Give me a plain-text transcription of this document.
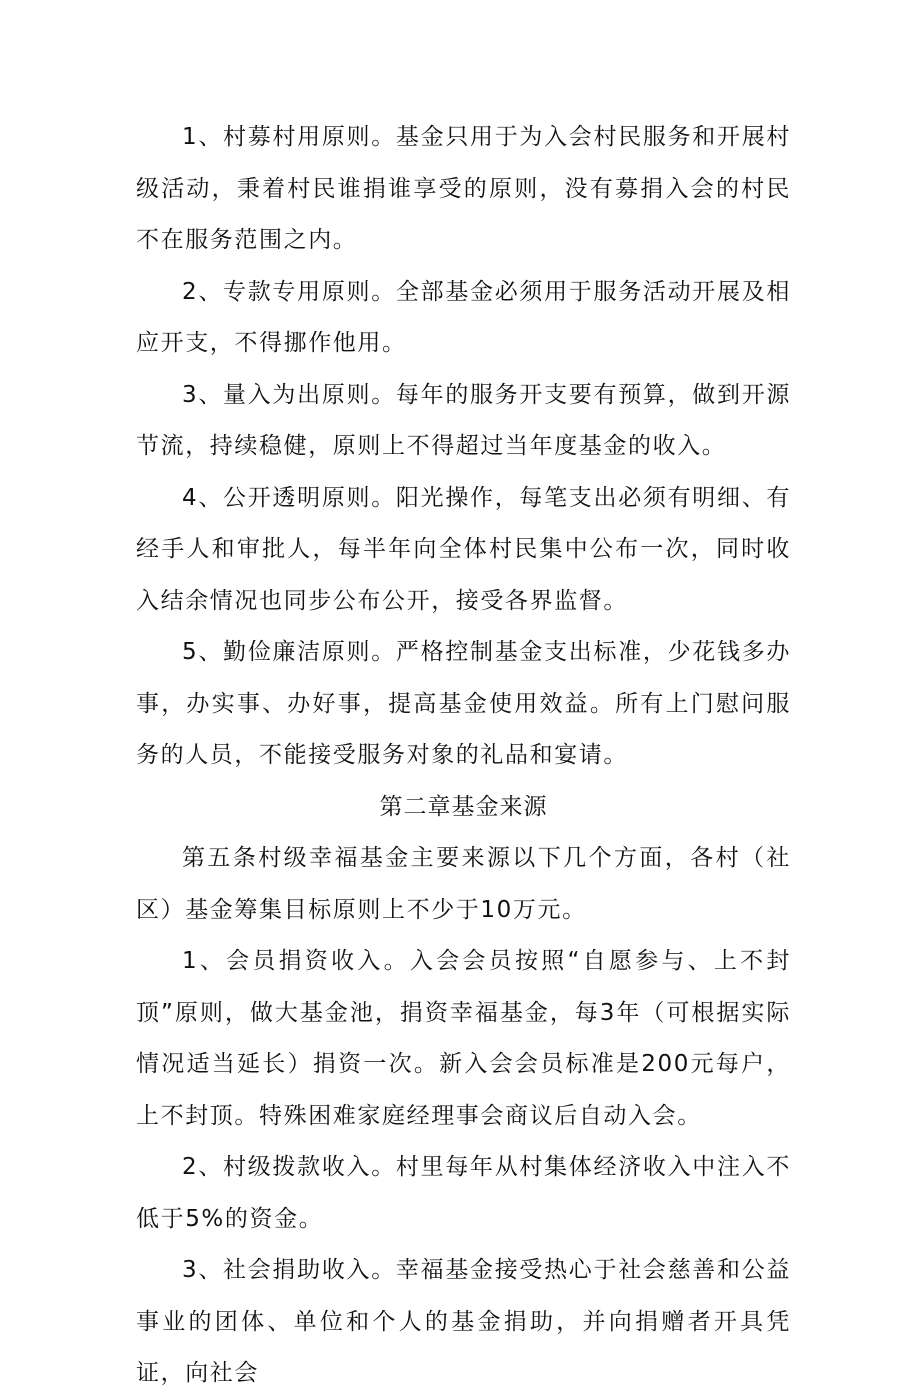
1、村募村用原则。基金只用于为入会村民服务和开展村级活动，秉着村民谁捐谁享受的原则，没有募捐入会的村民不在服务范围之内。

2、专款专用原则。全部基金必须用于服务活动开展及相应开支，不得挪作他用。

3、量入为出原则。每年的服务开支要有预算，做到开源节流，持续稳健，原则上不得超过当年度基金的收入。

4、公开透明原则。阳光操作，每笔支出必须有明细、有经手人和审批人，每半年向全体村民集中公布一次，同时收入结余情况也同步公布公开，接受各界监督。

5、勤俭廉洁原则。严格控制基金支出标准，少花钱多办事，办实事、办好事，提高基金使用效益。所有上门慰问服务的人员，不能接受服务对象的礼品和宴请。

第二章基金来源

第五条村级幸福基金主要来源以下几个方面，各村（社区）基金筹集目标原则上不少于10万元。

1、会员捐资收入。入会会员按照“自愿参与、上不封顶”原则，做大基金池，捐资幸福基金，每3年（可根据实际情况适当延长）捐资一次。新入会会员标准是200元每户，上不封顶。特殊困难家庭经理事会商议后自动入会。

2、村级拨款收入。村里每年从村集体经济收入中注入不低于5%的资金。

3、社会捐助收入。幸福基金接受热心于社会慈善和公益事业的团体、单位和个人的基金捐助，并向捐赠者开具凭证，向社会
